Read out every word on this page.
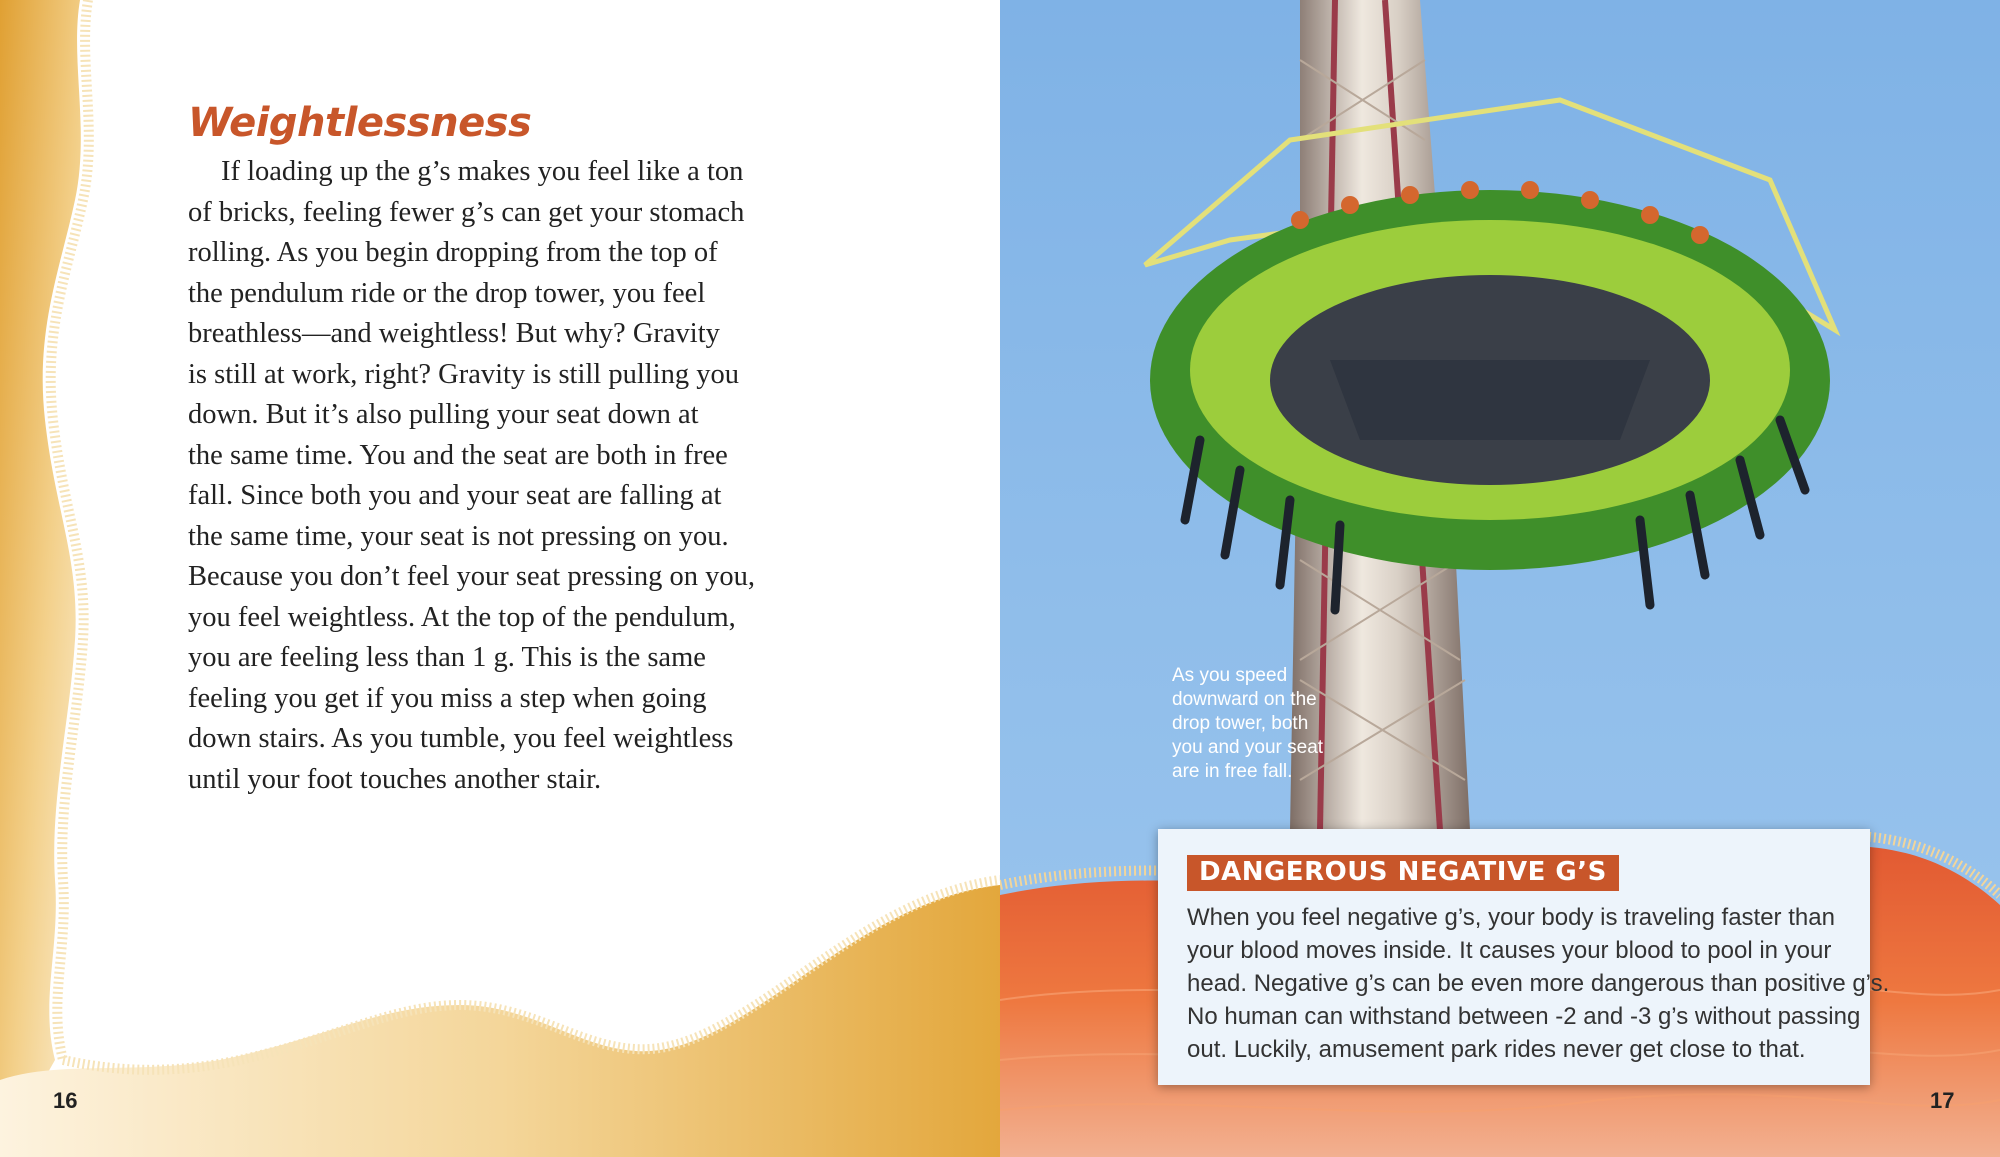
Weightlessness

If loading up the g’s makes you feel like a ton
of bricks, feeling fewer g’s can get your stomach
rolling. As you begin dropping from the top of
the pendulum ride or the drop tower, you feel
breathless—and weightless! But why? Gravity
is still at work, right? Gravity is still pulling you
down. But it’s also pulling your seat down at
the same time. You and the seat are both in free
fall. Since both you and your seat are falling at
the same time, your seat is not pressing on you.
Because you don’t feel your seat pressing on you,
you feel weightless. At the top of the pendulum,
you are feeling less than 1 g. This is the same
feeling you get if you miss a step when going
down stairs. As you tumble, you feel weightless
until your foot touches another stair.

16

As you speed
downward on the
drop tower, both
you and your seat
are in free fall.

DANGEROUS NEGATIVE G’S

When you feel negative g’s, your body is traveling faster than
your blood moves inside. It causes your blood to pool in your
head. Negative g’s can be even more dangerous than positive g’s.
No human can withstand between -2 and -3 g’s without passing
out. Luckily, amusement park rides never get close to that.

17
